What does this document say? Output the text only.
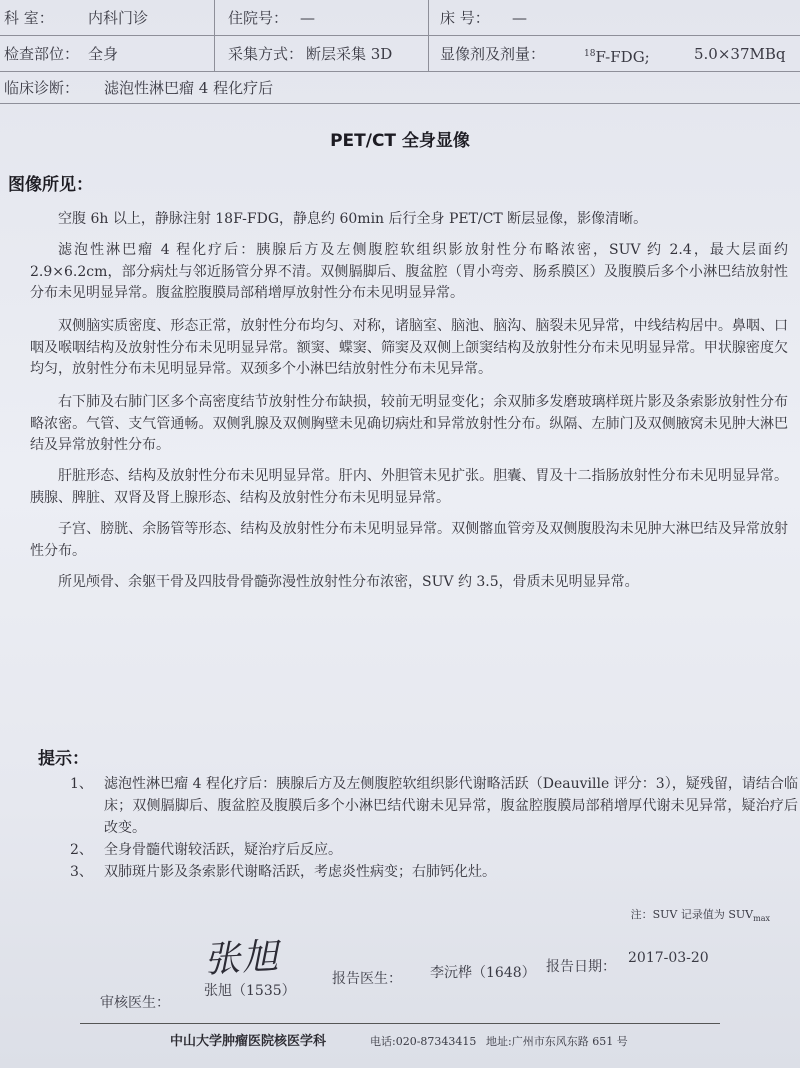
科 室： 内科门诊	住院号： —	床 号： —
检查部位： 全身	采集方式： 断层采集 3D	显像剂及剂量：	$^{18}$F-FDG;	5.0×37MBq
临床诊断： 滤泡性淋巴瘤 4 程化疗后
PET/CT 全身显像
图像所见：

空腹 6h 以上，静脉注射 18F-FDG，静息约 60min 后行全身 PET/CT 断层显像，影像清晰。

滤泡性淋巴瘤 4 程化疗后：胰腺后方及左侧腹腔软组织影放射性分布略浓密，SUV 约 2.4，最大层面约 2.9×6.2cm，部分病灶与邻近肠管分界不清。双侧膈脚后、腹盆腔（胃小弯旁、肠系膜区）及腹膜后多个小淋巴结放射性分布未见明显异常。腹盆腔腹膜局部稍增厚放射性分布未见明显异常。

双侧脑实质密度、形态正常，放射性分布均匀、对称，诸脑室、脑池、脑沟、脑裂未见异常，中线结构居中。鼻咽、口咽及喉咽结构及放射性分布未见明显异常。额窦、蝶窦、筛窦及双侧上颌窦结构及放射性分布未见明显异常。甲状腺密度欠均匀，放射性分布未见明显异常。双颈多个小淋巴结放射性分布未见异常。

右下肺及右肺门区多个高密度结节放射性分布缺损，较前无明显变化；余双肺多发磨玻璃样斑片影及条索影放射性分布略浓密。气管、支气管通畅。双侧乳腺及双侧胸壁未见确切病灶和异常放射性分布。纵隔、左肺门及双侧腋窝未见肿大淋巴结及异常放射性分布。

肝脏形态、结构及放射性分布未见明显异常。肝内、外胆管未见扩张。胆囊、胃及十二指肠放射性分布未见明显异常。胰腺、脾脏、双肾及肾上腺形态、结构及放射性分布未见明显异常。

子宫、膀胱、余肠管等形态、结构及放射性分布未见明显异常。双侧髂血管旁及双侧腹股沟未见肿大淋巴结及异常放射性分布。

所见颅骨、余躯干骨及四肢骨骨髓弥漫性放射性分布浓密，SUV 约 3.5，骨质未见明显异常。

提示：
1、 滤泡性淋巴瘤 4 程化疗后：胰腺后方及左侧腹腔软组织影代谢略活跃（Deauville 评分：3），疑残留，请结合临床；双侧膈脚后、腹盆腔及腹膜后多个小淋巴结代谢未见异常，腹盆腔腹膜局部稍增厚代谢未见异常，疑治疗后改变。
2、 全身骨髓代谢较活跃，疑治疗后反应。
3、 双肺斑片影及条索影代谢略活跃，考虑炎性病变；右肺钙化灶。
注：SUV 记录值为 $SUV_{max}$
张旭
审核医生：
张旭（1535）
报告医生： 李沅桦（1648） 报告日期：
2017-03-20
中山大学肿瘤医院核医学科	电话:020-87343415 地址:广州市东风东路 651 号
